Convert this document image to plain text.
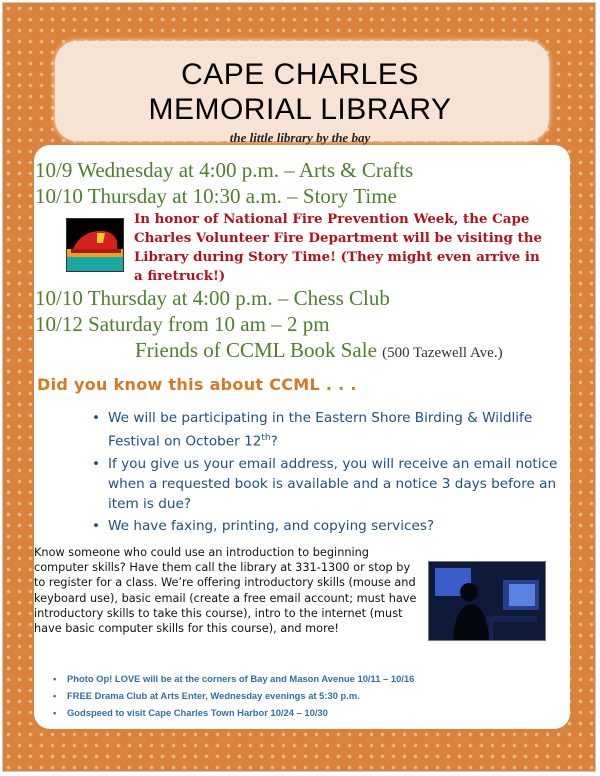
CAPE CHARLES
MEMORIAL LIBRARY
the little library by the bay
10/9 Wednesday at 4:00 p.m. – Arts & Crafts
10/10 Thursday at 10:30 a.m. – Story Time
In honor of National Fire Prevention Week, the Cape Charles Volunteer Fire Department will be visiting the Library during Story Time! (They might even arrive in a firetruck!)
10/10 Thursday at 4:00 p.m. – Chess Club
10/12 Saturday from 10 am – 2 pm
Friends of CCML Book Sale (500 Tazewell Ave.)
Did you know this about CCML . . .
• We will be participating in the Eastern Shore Birding & Wildlife Festival on October 12th?
• If you give us your email address, you will receive an email notice when a requested book is available and a notice 3 days before an item is due?
• We have faxing, printing, and copying services?
Know someone who could use an introduction to beginning computer skills? Have them call the library at 331-1300 or stop by to register for a class. We’re offering introductory skills (mouse and keyboard use), basic email (create a free email account; must have introductory skills to take this course), intro to the internet (must have basic computer skills for this course), and more!
• Photo Op! LOVE will be at the corners of Bay and Mason Avenue 10/11 – 10/16
• FREE Drama Club at Arts Enter, Wednesday evenings at 5:30 p.m.
• Godspeed to visit Cape Charles Town Harbor 10/24 – 10/30
